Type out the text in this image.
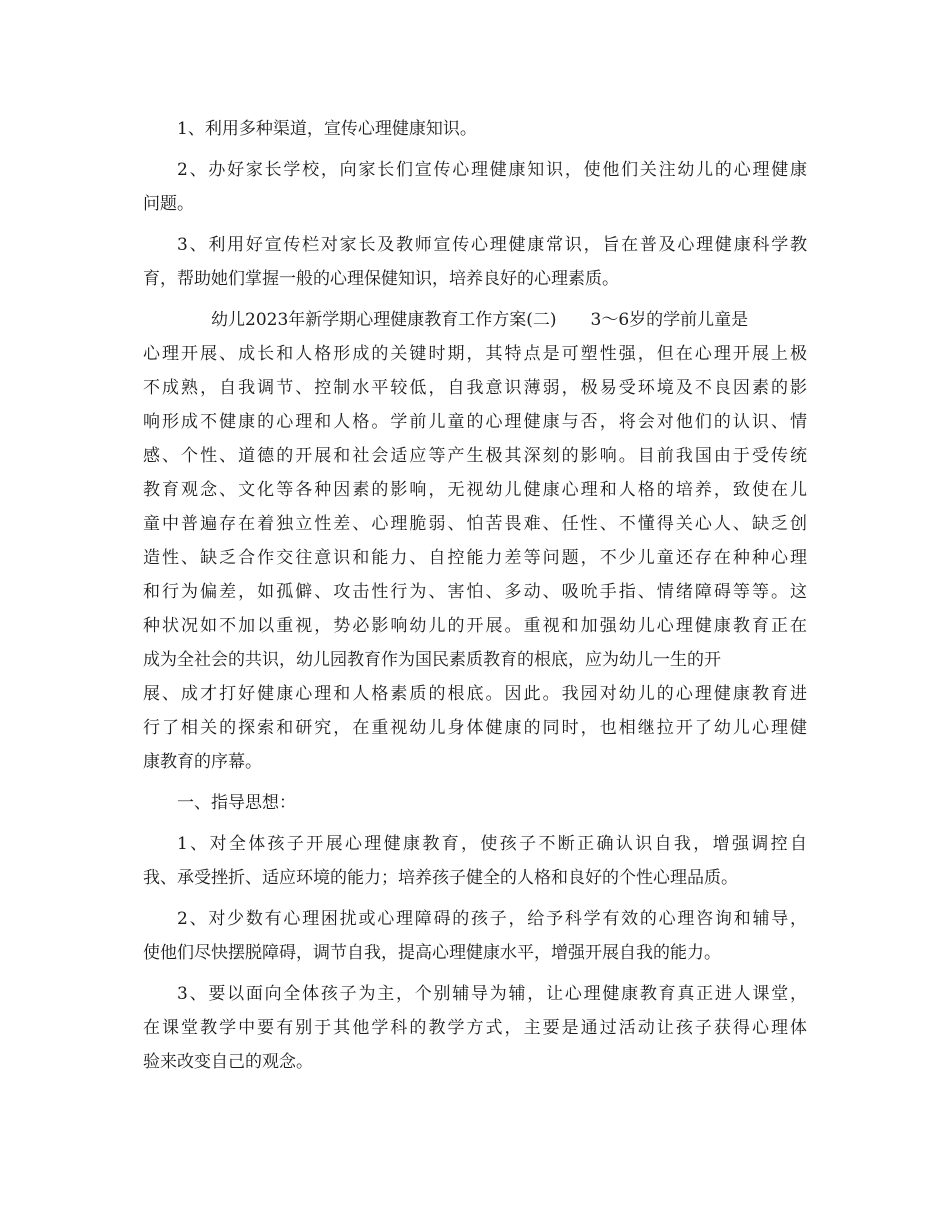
1、利用多种渠道，宣传心理健康知识。
2、办好家长学校，向家长们宣传心理健康知识，使他们关注幼儿的心理健康
问题。
3、利用好宣传栏对家长及教师宣传心理健康常识，旨在普及心理健康科学教
育，帮助她们掌握一般的心理保健知识，培养良好的心理素质。
幼儿2023年新学期心理健康教育工作方案(二) 3～6岁的学前儿童是
心理开展、成长和人格形成的关键时期，其特点是可塑性强，但在心理开展上极
不成熟，自我调节、控制水平较低，自我意识薄弱，极易受环境及不良因素的影
响形成不健康的心理和人格。学前儿童的心理健康与否，将会对他们的认识、情
感、个性、道德的开展和社会适应等产生极其深刻的影响。目前我国由于受传统
教育观念、文化等各种因素的影响，无视幼儿健康心理和人格的培养，致使在儿
童中普遍存在着独立性差、心理脆弱、怕苦畏难、任性、不懂得关心人、缺乏创
造性、缺乏合作交往意识和能力、自控能力差等问题，不少儿童还存在种种心理
和行为偏差，如孤僻、攻击性行为、害怕、多动、吸吮手指、情绪障碍等等。这
种状况如不加以重视，势必影响幼儿的开展。重视和加强幼儿心理健康教育正在
成为全社会的共识，幼儿园教育作为国民素质教育的根底，应为幼儿一生的开
展、成才打好健康心理和人格素质的根底。因此。我园对幼儿的心理健康教育进
行了相关的探索和研究，在重视幼儿身体健康的同时，也相继拉开了幼儿心理健
康教育的序幕。
一、指导思想：
1、对全体孩子开展心理健康教育，使孩子不断正确认识自我，增强调控自
我、承受挫折、适应环境的能力；培养孩子健全的人格和良好的个性心理品质。
2、对少数有心理困扰或心理障碍的孩子，给予科学有效的心理咨询和辅导，
使他们尽快摆脱障碍，调节自我，提高心理健康水平，增强开展自我的能力。
3、要以面向全体孩子为主，个别辅导为辅，让心理健康教育真正进人课堂，
在课堂教学中要有别于其他学科的教学方式，主要是通过活动让孩子获得心理体
验来改变自己的观念。
